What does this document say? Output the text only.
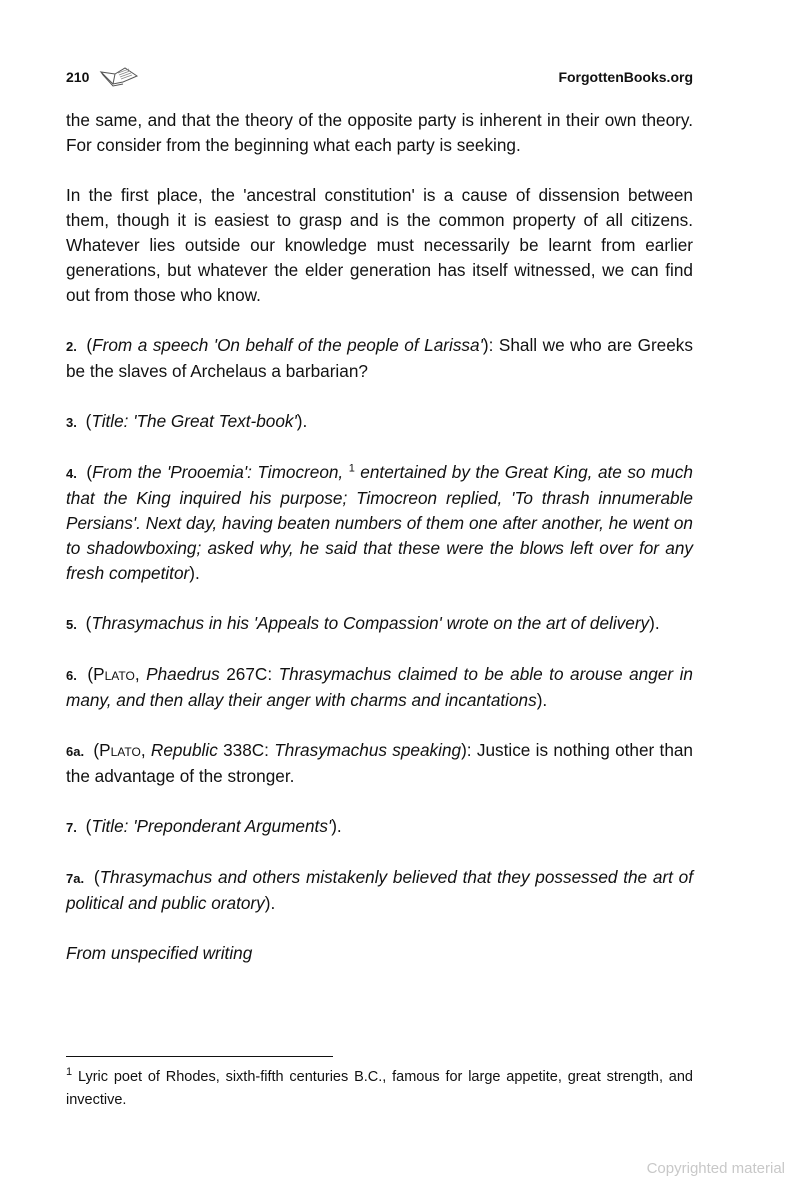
210	ForgottenBooks.org

the same, and that the theory of the opposite party is inherent in their own theory. For consider from the beginning what each party is seeking.

In the first place, the 'ancestral constitution' is a cause of dissension between them, though it is easiest to grasp and is the common property of all citizens. Whatever lies outside our knowledge must necessarily be learnt from earlier generations, but whatever the elder generation has itself witnessed, we can find out from those who know.

2. (From a speech 'On behalf of the people of Larissa'): Shall we who are Greeks be the slaves of Archelaus a barbarian?

3. (Title: 'The Great Text-book').

4. (From the 'Prooemia': Timocreon, $^1$ entertained by the Great King, ate so much that the King inquired his purpose; Timocreon replied, 'To thrash innumerable Persians'. Next day, having beaten numbers of them one after another, he went on to shadowboxing; asked why, he said that these were the blows left over for any fresh competitor).

5. (Thrasymachus in his 'Appeals to Compassion' wrote on the art of delivery).

6. (Plato, Phaedrus 267C: Thrasymachus claimed to be able to arouse anger in many, and then allay their anger with charms and incantations).

6a. (Plato, Republic 338C: Thrasymachus speaking): Justice is nothing other than the advantage of the stronger.

7. (Title: 'Preponderant Arguments').

7a. (Thrasymachus and others mistakenly believed that they possessed the art of political and public oratory).

From unspecified writing

$^1$ Lyric poet of Rhodes, sixth-fifth centuries B.C., famous for large appetite, great strength, and invective.
Copyrighted material
